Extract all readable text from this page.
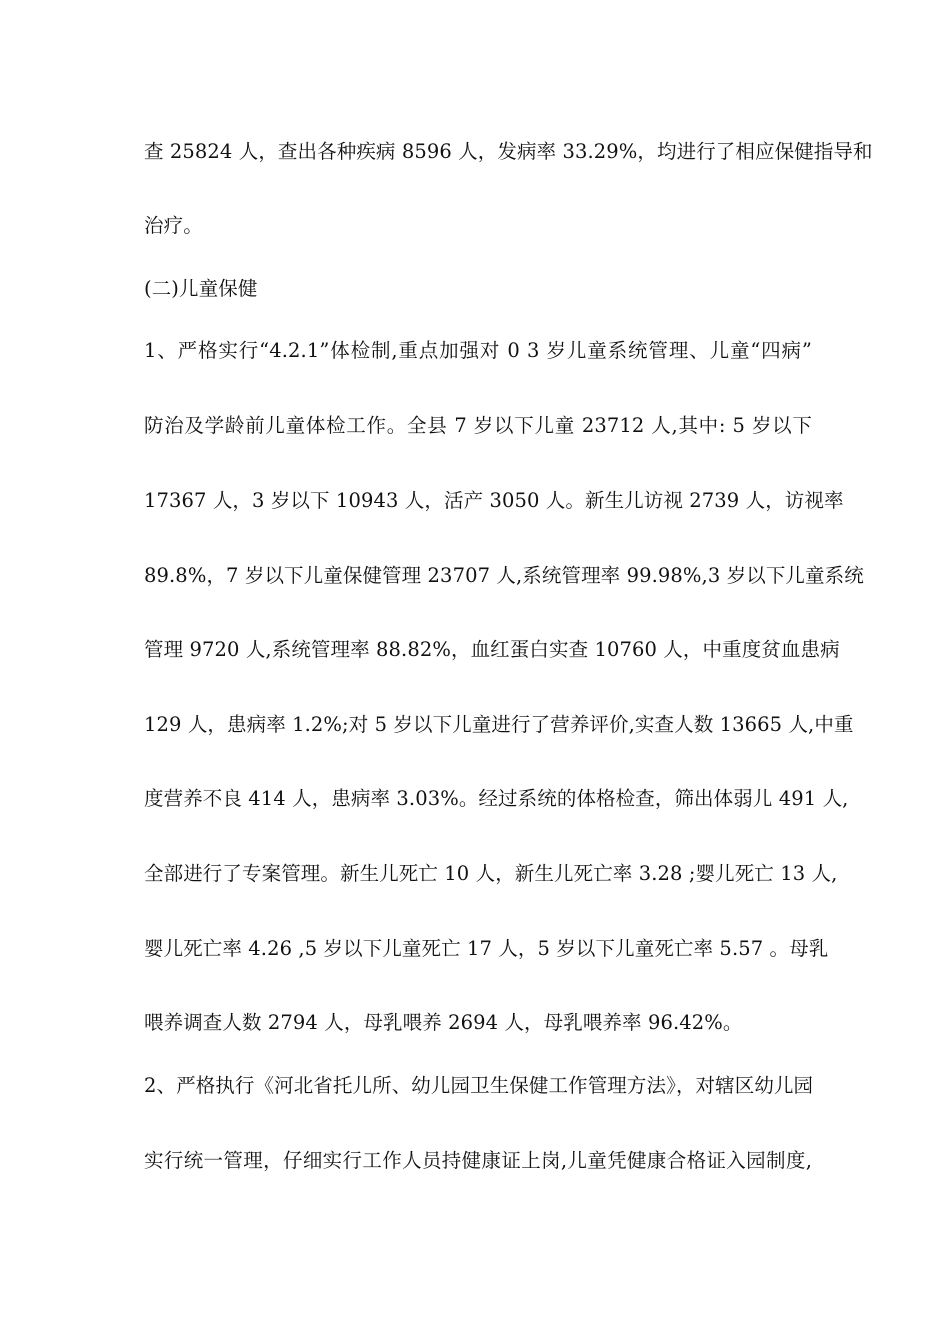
查 25824 人，查出各种疾病 8596 人，发病率 33.29%，均进行了相应保健指导和

治疗。

(二)儿童保健

1、严格实行“4.2.1”体检制,重点加强对 0 3 岁儿童系统管理、儿童“四病”

防治及学龄前儿童体检工作。全县 7 岁以下儿童 23712 人,其中: 5 岁以下

17367 人，3 岁以下 10943 人，活产 3050 人。新生儿访视 2739 人，访视率

89.8%，7 岁以下儿童保健管理 23707 人,系统管理率 99.98%,3 岁以下儿童系统

管理 9720 人,系统管理率 88.82%，血红蛋白实查 10760 人，中重度贫血患病

129 人，患病率 1.2%;对 5 岁以下儿童进行了营养评价,实查人数 13665 人,中重

度营养不良 414 人，患病率 3.03%。经过系统的体格检查，筛出体弱儿 491 人,

全部进行了专案管理。新生儿死亡 10 人，新生儿死亡率 3.28 ;婴儿死亡 13 人,

婴儿死亡率 4.26 ,5 岁以下儿童死亡 17 人，5 岁以下儿童死亡率 5.57 。母乳

喂养调查人数 2794 人，母乳喂养 2694 人，母乳喂养率 96.42%。

2、严格执行《河北省托儿所、幼儿园卫生保健工作管理方法》，对辖区幼儿园

实行统一管理，仔细实行工作人员持健康证上岗,儿童凭健康合格证入园制度,
